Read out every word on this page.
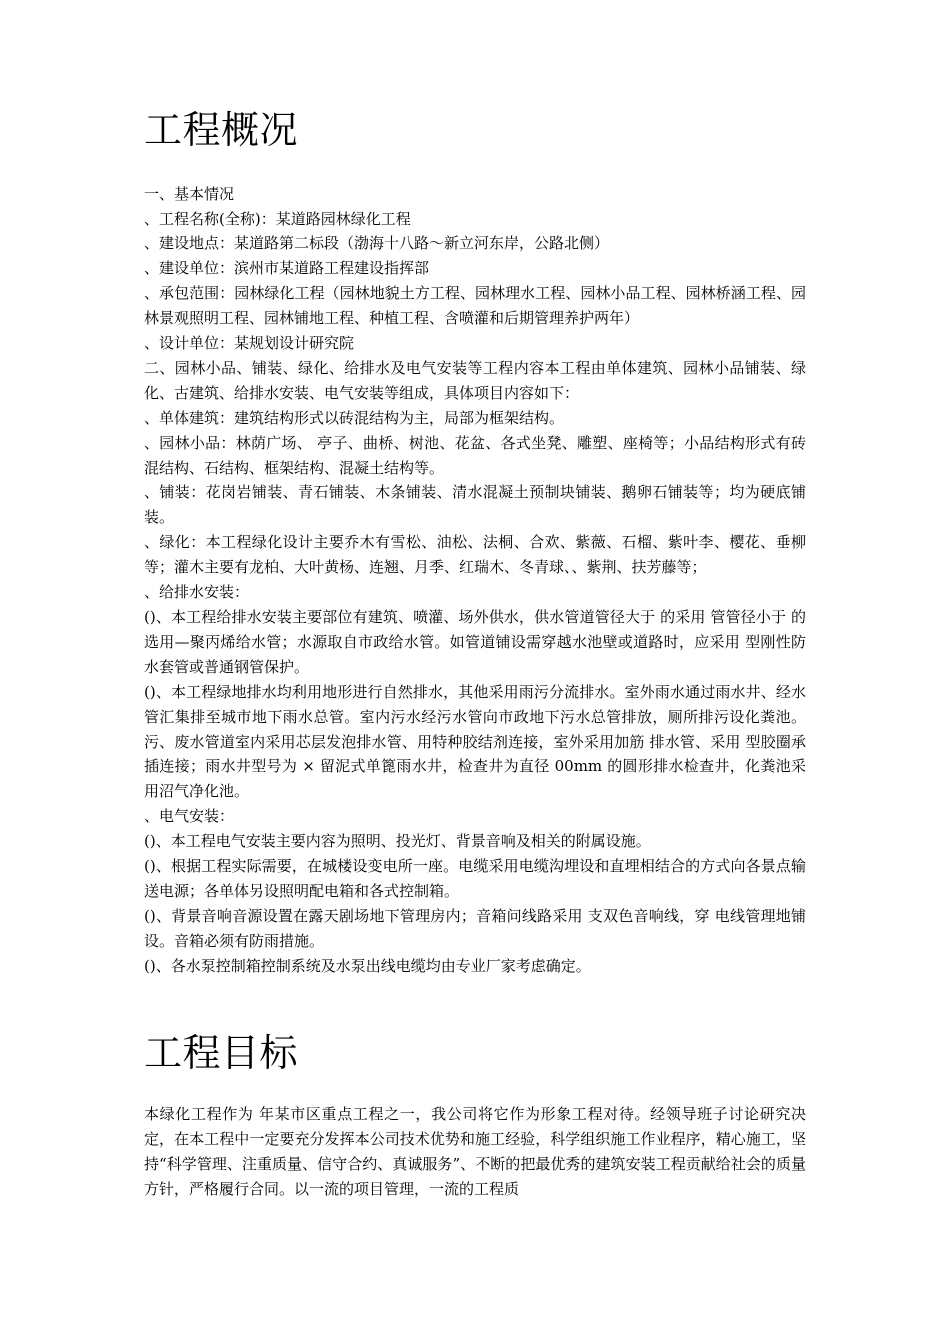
工程概况

一、基本情况

、工程名称(全称)：某道路园林绿化工程

、建设地点：某道路第二标段（渤海十八路～新立河东岸，公路北侧）

、建设单位：滨州市某道路工程建设指挥部

、承包范围：园林绿化工程（园林地貌土方工程、园林理水工程、园林小品工程、园林桥涵工程、园林景观照明工程、园林铺地工程、种植工程、含喷灌和后期管理养护两年）

、设计单位：某规划设计研究院

二、园林小品、铺装、绿化、给排水及电气安装等工程内容本工程由单体建筑、园林小品铺装、绿化、古建筑、给排水安装、电气安装等组成，具体项目内容如下：

、单体建筑：建筑结构形式以砖混结构为主，局部为框架结构。

、园林小品：林荫广场、 亭子、曲桥、树池、花盆、各式坐凳、雕塑、座椅等；小品结构形式有砖混结构、石结构、框架结构、混凝土结构等。

、铺装：花岗岩铺装、青石铺装、木条铺装、清水混凝土预制块铺装、鹅卵石铺装等；均为硬底铺装。

、绿化：本工程绿化设计主要乔木有雪松、油松、法桐、合欢、紫薇、石榴、紫叶李、樱花、垂柳等；灌木主要有龙柏、大叶黄杨、连翘、月季、红瑞木、冬青球、、紫荆、扶芳藤等；

、给排水安装：

()、本工程给排水安装主要部位有建筑、喷灌、场外供水，供水管道管径大于 的采用 管管径小于 的选用—聚丙烯给水管；水源取自市政给水管。如管道铺设需穿越水池壁或道路时，应采用 型刚性防水套管或普通钢管保护。

()、本工程绿地排水均利用地形进行自然排水，其他采用雨污分流排水。室外雨水通过雨水井、经水管汇集排至城市地下雨水总管。室内污水经污水管向市政地下污水总管排放，厕所排污设化粪池。污、废水管道室内采用芯层发泡排水管、用特种胶结剂连接，室外采用加筋 排水管、采用 型胶圈承插连接；雨水井型号为 × 留泥式单篦雨水井，检查井为直径 00mm 的圆形排水检查井，化粪池采用沼气净化池。

、电气安装：

()、本工程电气安装主要内容为照明、投光灯、背景音响及相关的附属设施。

()、根据工程实际需要，在城楼设变电所一座。电缆采用电缆沟埋设和直埋相结合的方式向各景点输送电源；各单体另设照明配电箱和各式控制箱。

()、背景音响音源设置在露天剧场地下管理房内；音箱问线路采用 支双色音响线，穿 电线管理地铺设。音箱必须有防雨措施。

()、各水泵控制箱控制系统及水泵出线电缆均由专业厂家考虑确定。

工程目标

本绿化工程作为 年某市区重点工程之一，我公司将它作为形象工程对待。经领导班子讨论研究决定，在本工程中一定要充分发挥本公司技术优势和施工经验，科学组织施工作业程序，精心施工，坚持“科学管理、注重质量、信守合约、真诚服务”、不断的把最优秀的建筑安装工程贡献给社会的质量方针，严格履行合同。以一流的项目管理，一流的工程质
